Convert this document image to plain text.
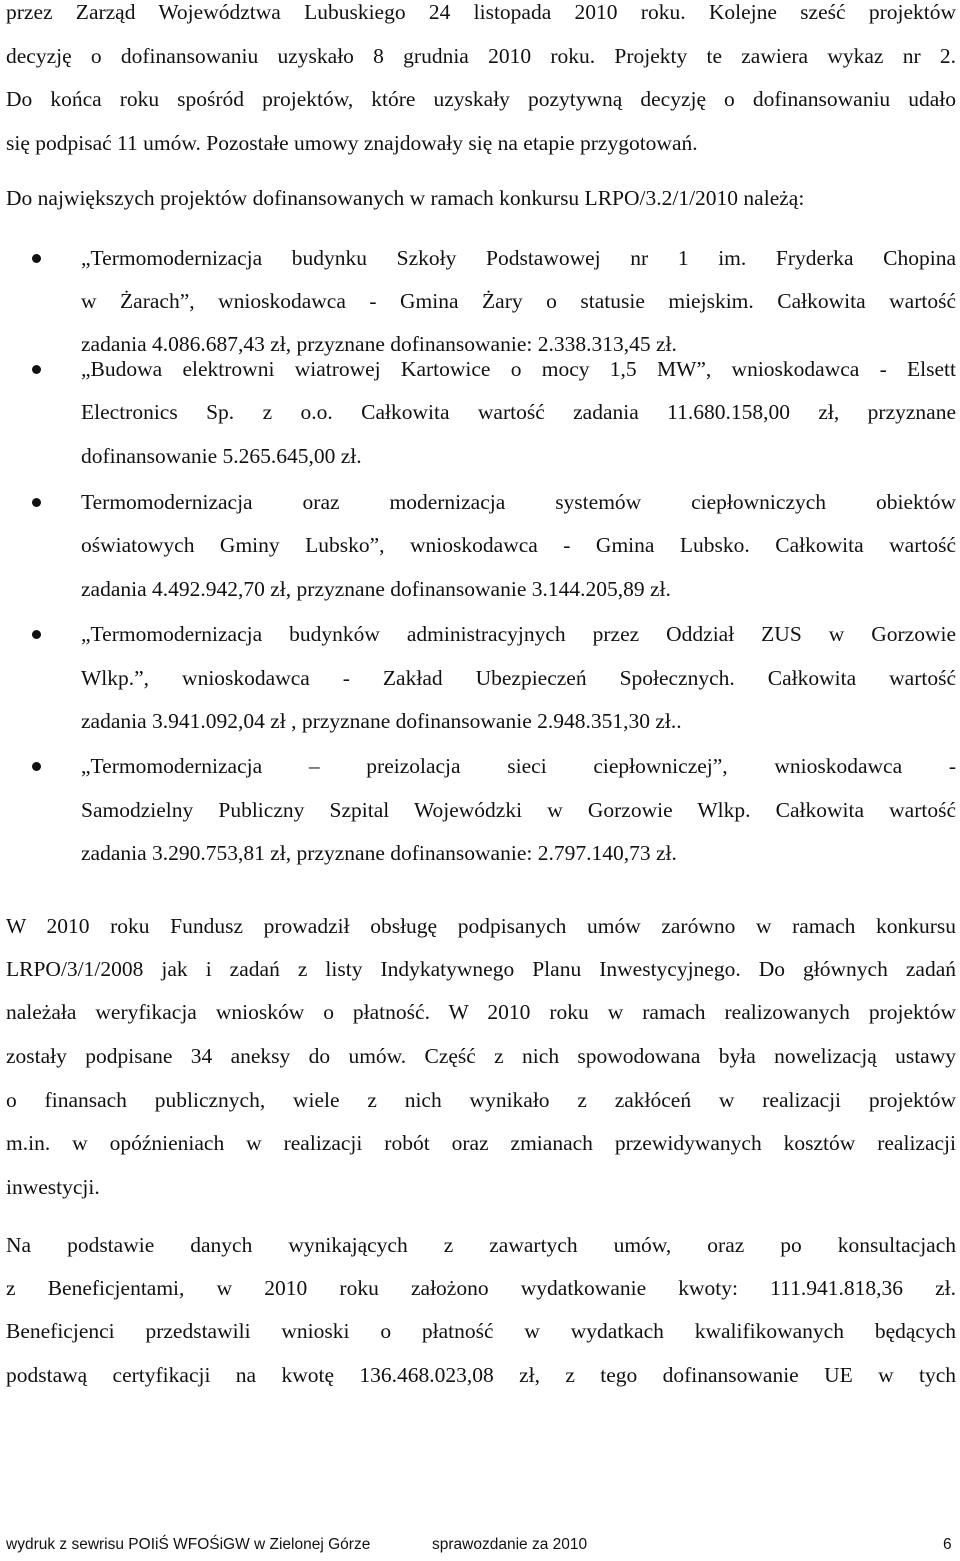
przez Zarząd Województwa Lubuskiego 24 listopada 2010 roku. Kolejne sześć projektów
decyzję o dofinansowaniu uzyskało 8 grudnia 2010 roku. Projekty te zawiera wykaz nr 2.
Do końca roku spośród projektów, które uzyskały pozytywną decyzję o dofinansowaniu udało
się podpisać 11 umów. Pozostałe umowy znajdowały się na etapie przygotowań.
Do największych projektów dofinansowanych w ramach konkursu LRPO/3.2/1/2010 należą:
„Termomodernizacja budynku Szkoły Podstawowej nr 1 im. Fryderka Chopina
w Żarach”, wnioskodawca - Gmina Żary o statusie miejskim. Całkowita wartość
zadania 4.086.687,43 zł, przyznane dofinansowanie: 2.338.313,45 zł.
„Budowa elektrowni wiatrowej Kartowice o mocy 1,5 MW”, wnioskodawca - Elsett
Electronics Sp. z o.o. Całkowita wartość zadania 11.680.158,00 zł, przyznane
dofinansowanie 5.265.645,00 zł.
Termomodernizacja oraz modernizacja systemów ciepłowniczych obiektów
oświatowych Gminy Lubsko”, wnioskodawca - Gmina Lubsko. Całkowita wartość
zadania 4.492.942,70 zł, przyznane dofinansowanie 3.144.205,89 zł.
„Termomodernizacja budynków administracyjnych przez Oddział ZUS w Gorzowie
Wlkp.”, wnioskodawca - Zakład Ubezpieczeń Społecznych. Całkowita wartość
zadania 3.941.092,04 zł , przyznane dofinansowanie 2.948.351,30 zł..
„Termomodernizacja – preizolacja sieci ciepłowniczej”, wnioskodawca -
Samodzielny Publiczny Szpital Wojewódzki w Gorzowie Wlkp. Całkowita wartość
zadania 3.290.753,81 zł, przyznane dofinansowanie: 2.797.140,73 zł.
W 2010 roku Fundusz prowadził obsługę podpisanych umów zarówno w ramach konkursu
LRPO/3/1/2008 jak i zadań z listy Indykatywnego Planu Inwestycyjnego. Do głównych zadań
należała weryfikacja wniosków o płatność. W 2010 roku w ramach realizowanych projektów
zostały podpisane 34 aneksy do umów. Część z nich spowodowana była nowelizacją ustawy
o finansach publicznych, wiele z nich wynikało z zakłóceń w realizacji projektów
m.in. w opóźnieniach w realizacji robót oraz zmianach przewidywanych kosztów realizacji
inwestycji.
Na podstawie danych wynikających z zawartych umów, oraz po konsultacjach
z Beneficjentami, w 2010 roku założono wydatkowanie kwoty: 111.941.818,36 zł.
Beneficjenci przedstawili wnioski o płatność w wydatkach kwalifikowanych będących
podstawą certyfikacji na kwotę 136.468.023,08 zł, z tego dofinansowanie UE w tych
wydruk z sewrisu POIiŚ WFOŚiGW w Zielonej Górze	sprawozdanie za 2010	6
